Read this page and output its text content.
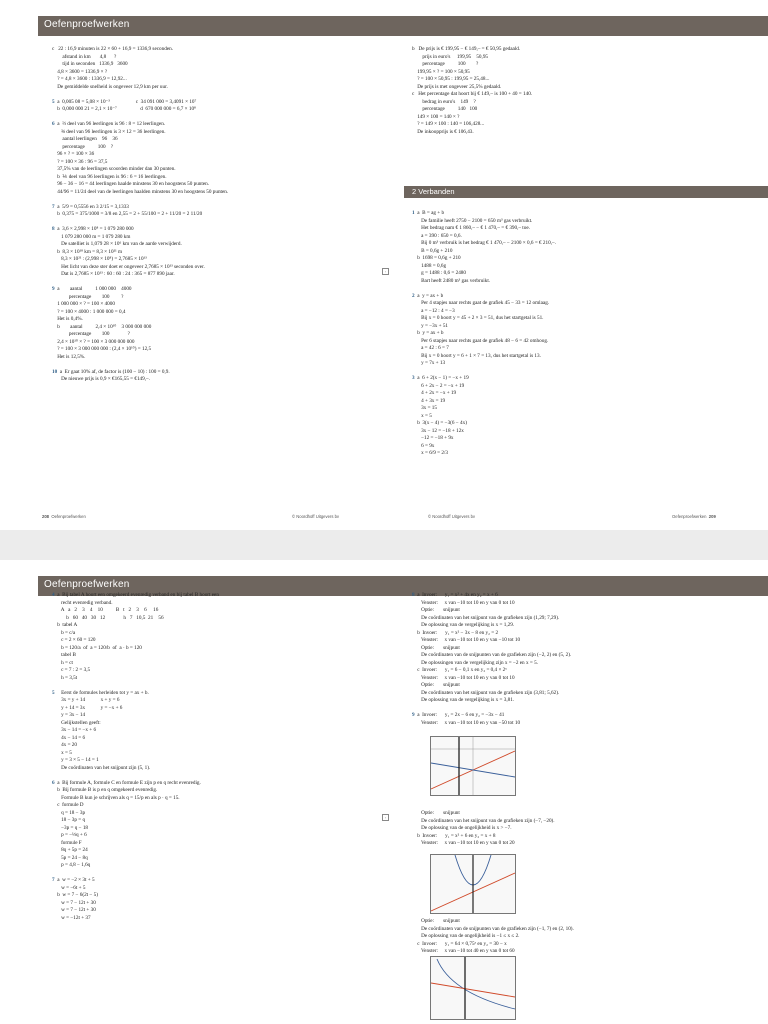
Oefenproefwerken
c   22 : 16,9 minuten is 22 × 60 + 16,9 = 1336,9 seconden.
afstand in km       4,8      ?
tijd in seconden   1336,9   3600
4,8 × 3600 = 1336,9 × ?
? = 4,8 × 3600 : 1336,9 = 12,92...
De gemiddelde snelheid is ongeveer 12,9 km per uur.

5  a  0,005 08 = 5,08 × 10⁻³                    c  34 091 000 = 3,4091 × 10⁷
b  0,000 000 21 = 2,1 × 10⁻⁷                  d  670 000 000 = 6,7 × 10⁸

6  a  ⅔ deel van 96 leerlingen is 96 : 8 = 12 leerlingen.
⅜ deel van 96 leerlingen is 3 × 12 = 36 leerlingen.
aantal leerlingen    96    36
percentage          100    ?
96 × ? = 100 × 36
? = 100 × 36 : 96 = 37,5
37,5% van de leerlingen scoorden minder dan 30 punten.
b  ⅙ deel van 96 leerlingen is 96 : 6 = 16 leerlingen.
96 − 36 − 16 = 44 leerlingen haalde minstens 30 en hoogstens 50 punten.
44/96 = 11/24 deel van de leerlingen haalden minstens 30 en hoogstens 50 punten.

7  a  5/9 = 0,5556 en 3 2/15 = 3,1333
b  0,375 = 375/1000 = 3/8 en 2,55 = 2 + 55/100 = 2 + 11/20 = 2 11/20

8  a  3,6 × 2,998 × 10⁸ = 1 079 280 000
1 079 280 000 m = 1 079 280 km
De satelliet is 1,079 28 × 10⁶ km van de aarde verwijderd.
b  8,3 × 10¹⁸ km = 8,3 × 10²¹ m
8,3 × 10²¹ : (2,998 × 10⁸) = 2,7685 × 10¹³
Het licht van deze ster doet er ongeveer 2,7685 × 10¹³ seconden over.
Dat is 2,7685 × 10¹³ : 60 : 60 : 24 : 365 = 877 890 jaar.

9  a        aantal          1 000 000    4000
percentage        100         ?
1 000 000 × ? = 100 × 4000
? = 100 × 4000 : 1 000 000 = 0,4
Het is 0,4%.
b        aantal          2,4 × 10¹⁰    3 000 000 000
percentage        100              ?
2,4 × 10¹⁰ × ? = 100 × 3 000 000 000
? = 100 × 3 000 000 000 : (2,4 × 10¹⁰) = 12,5
Het is 12,5%.

10  a  Er gaat 10% af, de factor is (100 − 10) : 100 = 0,9.
De nieuwe prijs is 0,9 × €165,55 = €149,–.
b   De prijs is € 199,95 − € 149,– = € 50,95 gedaald.
prijs in euro's     199,95    50,95
percentage          100        ?
199,95 × ? = 100 × 50,95
? = 100 × 50,95 : 199,95 = 25,48...
De prijs is met ongeveer 25,5% gedaald.
c   Het percentage dat hoort bij € 149,– is 100 + 40 = 140.
bedrag in euro's    149    ?
percentage          140   100
149 × 100 = 140 × ?
? = 149 × 100 : 140 = 106,428...
De inkoopprijs is € 106,43.
2 Verbanden
1  a  B = ag + b
De familie heeft 2750 − 2100 = 650 m³ gas verbruikt.
Het bedrag nam € 1 860,– − € 1 470,– = € 390,– toe.
a = 390 : 650 = 0,6.
Bij 0 m³ verbruik is het bedrag € 1 470,– − 2100 × 0,6 = € 210,–.
B = 0,6g + 210
b  1698 = 0,6g + 210
1488 = 0,6g
g = 1488 : 0,6 = 2480
Bart heeft 2480 m³ gas verbruikt.

2  a  y = ax + b
Per 4 stapjes naar rechts gaat de grafiek 45 − 33 = 12 omlaag.
a = −12 : 4 = −3
Bij x = 0 hoort y = 45 + 2 × 3 = 51, dus het startgetal is 51.
y = −3x + 51
b  y = ax + b
Per 6 stapjes naar rechts gaat de grafiek 48 − 6 = 42 omhoog.
a = 42 : 6 = 7
Bij x = 0 hoort y = 6 + 1 × 7 = 13, dus het startgetal is 13.
y = 7x + 13

3  a  6 + 2(x − 1) = −x + 19
6 + 2x − 2 = −x + 19
4 + 2x = −x + 19
4 + 3x = 19
3x = 15
x = 5
b  3(x − 4) = −3(6 − 4x)
3x − 12 = −18 + 12x
−12 = −18 + 9x
6 = 9x
x = 6/9 = 2/3
◦
208 Oefenproefwerken	© Noordhoff Uitgevers bv	© Noordhoff Uitgevers bv	Oefenproefwerken 209
Oefenproefwerken
4  a  Bij tabel A hoort een omgekeerd evenredig verband en bij tabel B hoort een
recht evenredig verband.
A   a   2    3    4    10          B   t   2    3    6     16
b   60   40   30   12              h   7   10,5  21    56
b  tabel A
b = c/a
c = 2 × 60 = 120
b = 120/a  of  a = 120/b  of  a · b = 120
tabel B
h = ct
c = 7 : 2 = 3,5
h = 3,5t

5     Eerst de formules herleiden tot y = ax + b.
3x = y + 14            x + y = 6
y + 14 = 3x            y = −x + 6
y = 3x − 14
Gelijkstellen geeft:
3x − 14 = −x + 6
4x − 14 = 6
4x = 20
x = 5
y = 3 × 5 − 14 = 1
De coördinaten van het snijpunt zijn (5, 1).

6  a  Bij formule A, formule C en formule E zijn p en q recht evenredig.
b  Bij formule B is p en q omgekeerd evenredig.
Formule B kun je schrijven als q = 15/p en als p · q = 15.
c  formule D
q = 18 − 3p
18 − 3p = q
−3p = q − 18
p = −⅓q + 6
formule F
8q + 5p = 24
5p = 24 − 8q
p = 4,8 − 1,6q

7  a  w = −2 × 3t + 5
w = −6t + 5
b  w = 7 − 6(2t − 5)
w = 7 − 12t + 30
w = 7 − 12t + 30
w = −12t + 37
8  a  Invoer:      y₁ = x² + 4x en y₂ = x + 6
Venster:     x van −10 tot 10 en y van 0 tot 10
Optie:       snijpunt
De coördinaten van het snijpunt van de grafieken zijn (1,29; 7,29).
De oplossing van de vergelijking is x = 1,29.
b  Invoer:      y₁ = x² − 3x − 8 en y₂ = 2
Venster:     x van −10 tot 10 en y van −10 tot 10
Optie:       snijpunt
De coördinaten van de snijpunten van de grafieken zijn (−2, 2) en (5, 2).
De oplossingen van de vergelijking zijn x = −2 en x = 5.
c  Invoer:      y₁ = 6 − 0,1 x en y₂ = 0,4 × 2ˣ
Venster:     x van −10 tot 10 en y van 0 tot 10
Optie:       snijpunt
De coördinaten van het snijpunt van de grafieken zijn (3,81; 5,62).
De oplossing van de vergelijking is x = 3,81.

9  a  Invoer:      y₁ = 2x − 6 en y₂ = −3x − 41
Venster:     x van −10 tot 10 en y van −50 tot 10
Optie:       snijpunt
De coördinaten van het snijpunt van de grafieken zijn (−7, −20).
De oplossing van de ongelijkheid is x > −7.
b  Invoer:      y₁ = x² + 6 en y₂ = x + 8
Venster:     x van −10 tot 10 en y van 0 tot 20
Optie:       snijpunt
De coördinaten van de snijpunten van de grafieken zijn (−1, 7) en (2, 10).
De oplossing van de ongelijkheid is −1 ≤ x ≤ 2.
c  Invoer:      y₁ = 64 × 0,75ˣ en y₂ = 30 − x
Venster:     x van −10 tot 40 en y van 0 tot 60
◦
